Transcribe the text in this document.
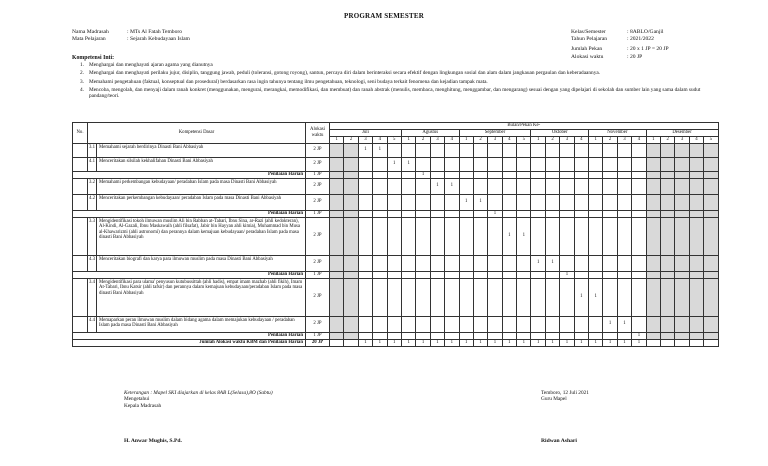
PROGRAM SEMESTER
Nama Madrasah	: MTs Al Fatah Temboro
Mata Pelajaran	: Sejarah Kebudayaan Islam
Kelas/Semester	: 8ABLO/Ganjil
Tahun Pelajaran	: 2021/2022
Jumlah Pekan	: 20 x 1 JP = 20 JP
Alokasi waktu	: 20 JP
Kompetensi Inti:
1. Menghargai dan menghayati ajaran agama yang dianutnya
2. Menghargai dan menghayati perilaku jujur, disiplin, tanggung jawab, peduli (toleransi, gotong royong), santun, percaya diri dalam berinteraksi secara efektif dengan lingkungan sosial dan alam dalam jangkauan pergaulan dan keberadaannya.
3. Memahami pengetahuan (faktual, konseptual dan prosedural) berdasarkan rasa ingin tahunya tentang ilmu pengetahuan, teknologi, seni budaya terkait fenomena dan kejadian tampak mata.
4. Mencoba, mengolah, dan menyaji dalam ranah konkret (menggunakan, mengurai, merangkai, memodifikasi, dan membuat) dan ranah abstrak (menulis, membaca, menghitung, menggambar, dan mengarang) sesuai dengan yang dipelajari di sekolah dan sumber lain yang sama dalam sudut pandang/teori.
No.	Kompetensi Dasar		Alokasi waktu	Bulan/Pekan Ke-																										
				Juli					Agustus				September					Oktober				November				Desember				
				1	2	3	4	5	1	2	3	4	1	2	3	4	5	1	2	3	4	1	2	3	4	1	2	3	4	5

	3.1	Memahami sejarah berdirinya Dinasti Bani Abbasiyah	2 JP			1	1																							
	4.1	Menceritakan silsilah kekhalifahan Dinasti Bani Abbasiyah	2 JP					1	1																					
Penilaian Harian			1 JP							1																				
	3.2	Memahami perkembangan kebudayaan/ peradaban Islam pada masa Dinasti Bani Abbasiyah	2 JP								1	1																		
	4.2	Menceritakan perkembangan kebudayaan/ peradaban Islam pada masa Dinasti Bani Abbasiyah	2 JP										1	1																
Penilaian Harian			1 JP												1															
	3.3	Mengidentifikasi tokoh ilmuwan muslim Ali bin Rabban at-Tabari, Ibnu Sina, ar-Razi (ahli kedokteran), Al-Kindi, Al-Gazali, Ibnu Maskawaih (ahli filsafat), Jabir bin Hayyan ahli kimia), Muhammad bin Musa al-Khawarizmi (ahli astronomi) dan perannya dalam kemajuan kebudayaan/ peradaban Islam pada masa dinasti Bani Abbasiyah	2 JP													1	1													
	4.3	Menceritakan biografi dan karya para ilmuwan muslim pada masa Dinasti Bani Abbasiyah	2 JP															1	1											
Penilaian Harian			1 JP																	1										
	3.4	Mengidentifikasi para ulama' penyusun kutubussittah (ahli hadis), empat imam mazhab (ahli fikih), Imam At-Tabari, Ibnu Katsir (ahli tafsir) dan perannya dalam kemajuan kebudayaan/peradaban Islam pada masa dinasti Bani Abbasiyah	2 JP																		1	1								
	4.4	Memaparkan peran ilmuwan muslim dalam bidang agama dalam memajukan kebudayaan / peradaban Islam pada masa Dinasti Bani Abbasiyah	2 JP																				1	1						
Penilaian Harian			1 JP																						1					
Jumlah Alokasi waktu KBM dan Penilaian Harian			20 JP			1	1	1	1	1	1	1	1	1	1	1	1	1	1	1	1	1	1	1	1					
Keterangan : Mapel SKI diajarkan di kelas 8AB L(Selasa),8O (Sabtu)
Mengetahui
Kepala Madrasah
Temboro, 12 Juli 2021
Guru Mapel
H. Anwar Mughis, S.Pd.	Ridwan Ashari
